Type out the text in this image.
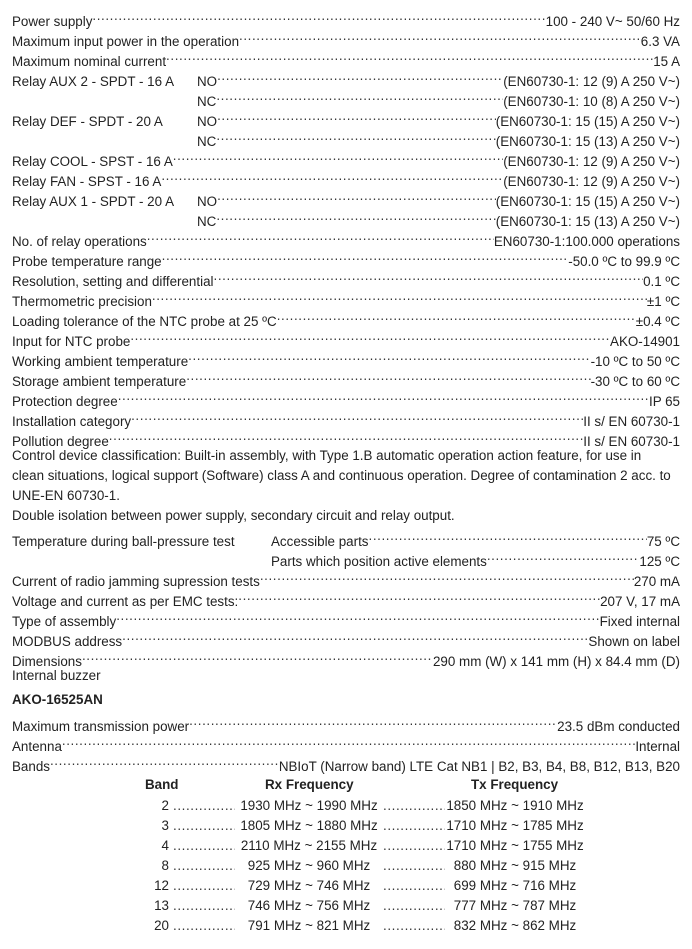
Power supply .....	100 - 240 V~ 50/60 Hz
Maximum input power in the operation .....	6.3 VA
Maximum nominal current .....	15 A
Relay AUX 2 - SPDT - 16 A	NO .....	(EN60730-1: 12 (9) A 250 V~)
NC .....	(EN60730-1: 10 (8) A 250 V~)
Relay DEF - SPDT - 20 A	NO .....	(EN60730-1: 15 (15) A 250 V~)
NC .....	(EN60730-1: 15 (13) A 250 V~)
Relay COOL - SPST - 16 A .....	(EN60730-1: 12 (9) A 250 V~)
Relay FAN - SPST - 16 A .....	(EN60730-1: 12 (9) A 250 V~)
Relay AUX 1 - SPDT - 20 A	NO .....	(EN60730-1: 15 (15) A 250 V~)
NC .....	(EN60730-1: 15 (13) A 250 V~)
No. of relay operations .....	EN60730-1:100.000 operations
Probe temperature range .....	-50.0 ºC to 99.9 ºC
Resolution, setting and differential .....	0.1 ºC
Thermometric precision .....	±1 ºC
Loading tolerance of the NTC probe at 25 ºC .....	±0.4 ºC
Input for NTC probe .....	AKO-14901
Working ambient temperature .....	-10 ºC to 50 ºC
Storage ambient temperature .....	-30 ºC to 60 ºC
Protection degree .....	IP 65
Installation category .....	II s/ EN 60730-1
Pollution degree .....	II s/ EN 60730-1
Control device classification: Built-in assembly, with Type 1.B automatic operation action feature, for use in clean situations, logical support (Software) class A and continuous operation. Degree of contamination 2 acc. to UNE-EN 60730-1.
Double isolation between power supply, secondary circuit and relay output.
Temperature during ball-pressure test	Accessible parts .....	75 ºC
Parts which position active elements .....	125 ºC
Current of radio jamming supression tests .....	270 mA
Voltage and current as per EMC tests: .....	207 V, 17 mA
Type of assembly .....	Fixed internal
MODBUS address .....	Shown on label
Dimensions .....	290 mm (W) x 141 mm (H) x 84.4 mm (D)
Internal buzzer
AKO-16525AN
Maximum transmission power .....	23.5 dBm conducted
Antenna .....	Internal
Bands .....	NBIoT (Narrow band) LTE Cat NB1 | B2, B3, B4, B8, B12, B13, B20
Band	Rx Frequency	Tx Frequency
2 .....	1930 MHz ~ 1990 MHz .....	1850 MHz ~ 1910 MHz
3 .....	1805 MHz ~ 1880 MHz .....	1710 MHz ~ 1785 MHz
4 .....	2110 MHz ~ 2155 MHz .....	1710 MHz ~ 1755 MHz
8 .....	925 MHz ~ 960 MHz .....	880 MHz ~ 915 MHz
12 .....	729 MHz ~ 746 MHz .....	699 MHz ~ 716 MHz
13 .....	746 MHz ~ 756 MHz .....	777 MHz ~ 787 MHz
20 .....	791 MHz ~ 821 MHz .....	832 MHz ~ 862 MHz
